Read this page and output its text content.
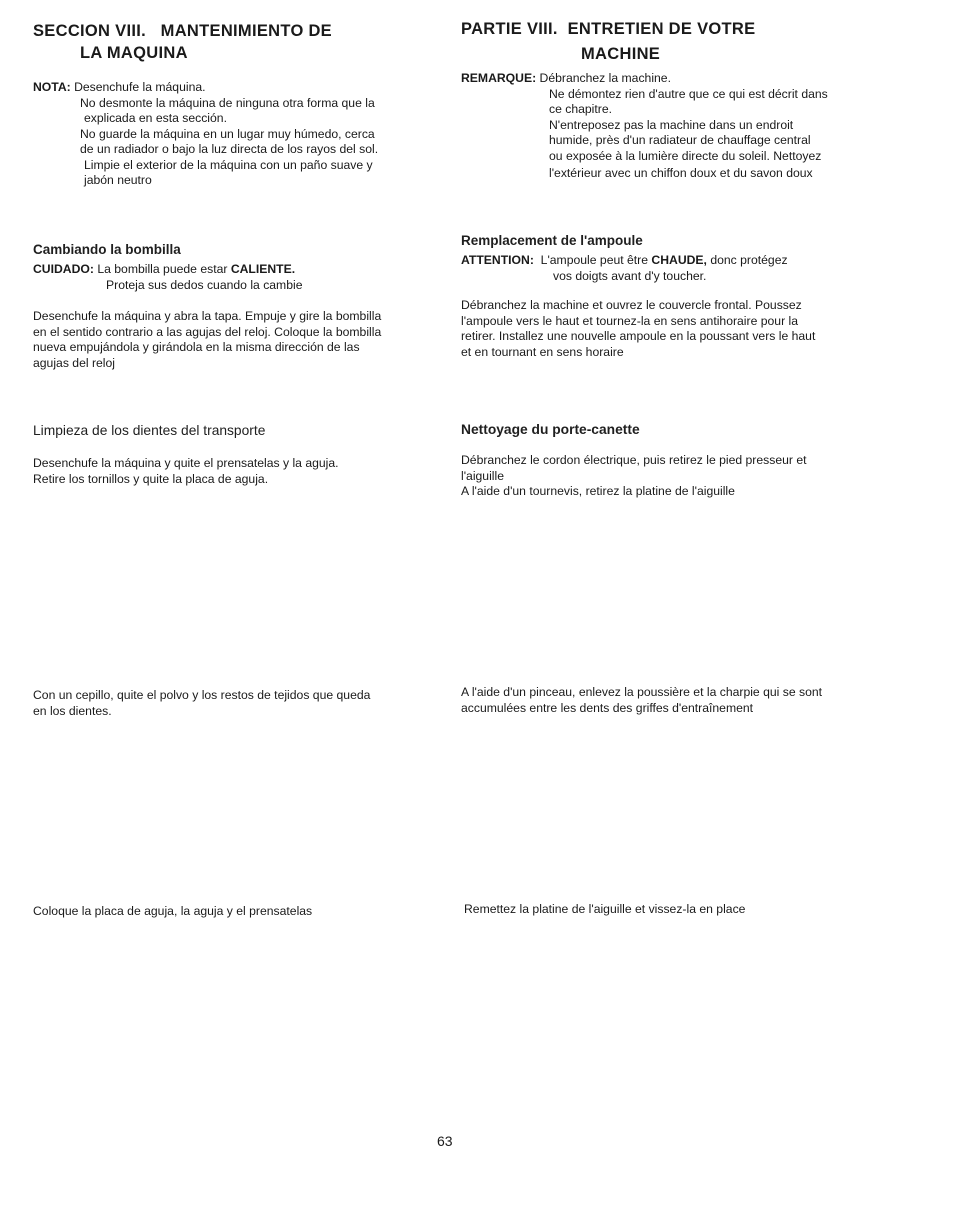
SECCION VIII.   MANTENIMIENTO DE
LA MAQUINA

NOTA: Desenchufe la máquina.

No desmonte la máquina de ninguna otra forma que la

explicada en esta sección.

No guarde la máquina en un lugar muy húmedo, cerca

de un radiador o bajo la luz directa de los rayos del sol.

Limpie el exterior de la máquina con un paño suave y

jabón neutro

Cambiando la bombilla

CUIDADO: La bombilla puede estar CALIENTE.

Proteja sus dedos cuando la cambie

Desenchufe la máquina y abra la tapa. Empuje y gire la bombilla

en el sentido contrario a las agujas del reloj. Coloque la bombilla

nueva empujándola y girándola en la misma dirección de las

agujas del reloj

Limpieza de los dientes del transporte

Desenchufe la máquina y quite el prensatelas y la aguja.

Retire los tornillos y quite la placa de aguja.

Con un cepillo, quite el polvo y los restos de tejidos que queda

en los dientes.

Coloque la placa de aguja, la aguja y el prensatelas

PARTIE VIII.  ENTRETIEN DE VOTRE
MACHINE

REMARQUE: Débranchez la machine.

Ne démontez rien d'autre que ce qui est décrit dans

ce chapitre.

N'entreposez pas la machine dans un endroit

humide, près d'un radiateur de chauffage central

ou exposée à la lumière directe du soleil. Nettoyez

l'extérieur avec un chiffon doux et du savon doux

Remplacement de l'ampoule

ATTENTION: L'ampoule peut être CHAUDE, donc protégez

vos doigts avant d'y toucher.

Débranchez la machine et ouvrez le couvercle frontal. Poussez

l'ampoule vers le haut et tournez-la en sens antihoraire pour la

retirer. Installez une nouvelle ampoule en la poussant vers le haut

et en tournant en sens horaire

Nettoyage du porte-canette

Débranchez le cordon électrique, puis retirez le pied presseur et

l'aiguille

A l'aide d'un tournevis, retirez la platine de l'aiguille

A l'aide d'un pinceau, enlevez la poussière et la charpie qui se sont

accumulées entre les dents des griffes d'entraînement

Remettez la platine de l'aiguille et vissez-la en place

63
